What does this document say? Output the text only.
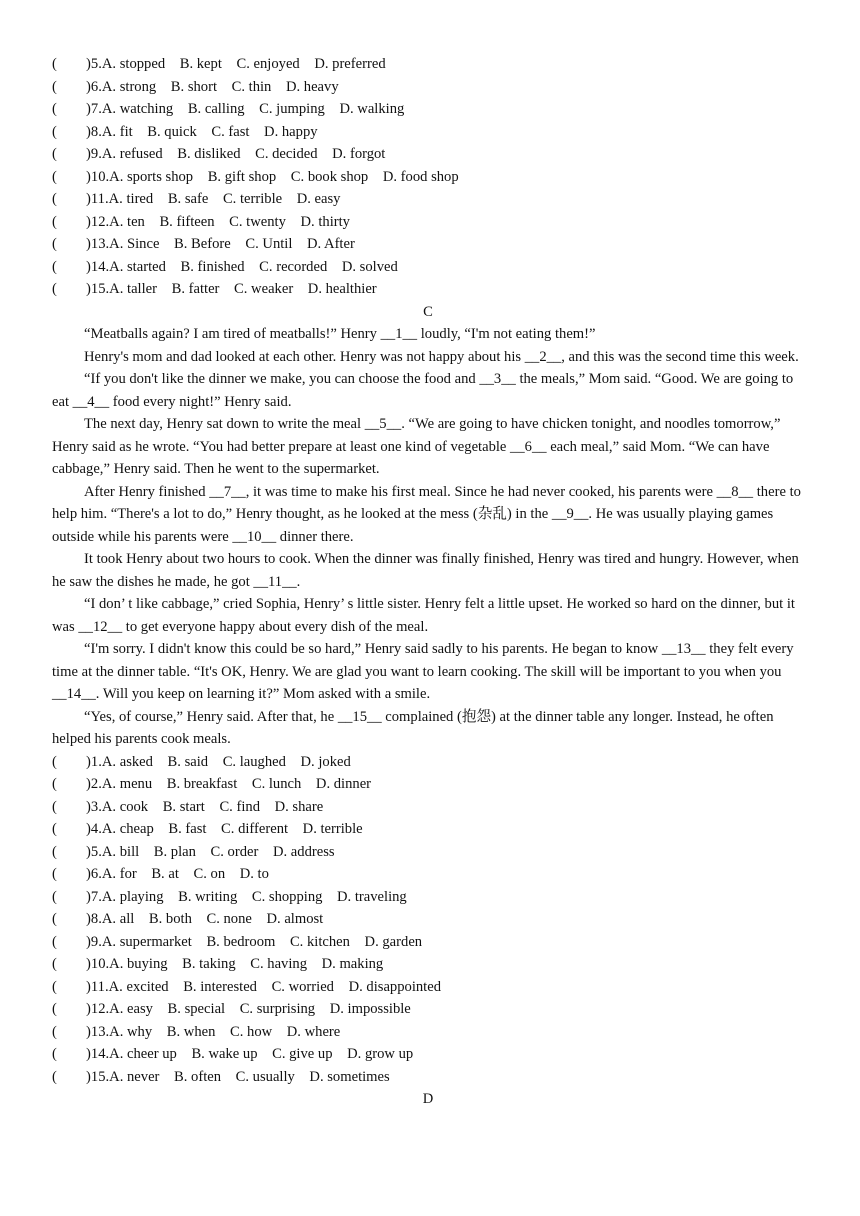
(        )5.A. stopped B. kept C. enjoyed D. preferred
(        )6.A. strong B. short C. thin D. heavy
(        )7.A. watching B. calling C. jumping D. walking
(        )8.A. fit B. quick C. fast D. happy
(        )9.A. refused B. disliked C. decided D. forgot
(        )10.A. sports shop B. gift shop C. book shop D. food shop
(        )11.A. tired B. safe C. terrible D. easy
(        )12.A. ten B. fifteen C. twenty D. thirty
(        )13.A. Since B. Before C. Until D. After
(        )14.A. started B. finished C. recorded D. solved
(        )15.A. taller B. fatter C. weaker D. healthier
C

“Meatballs again? I am tired of meatballs!” Henry __1__ loudly, “I'm not eating them!”

Henry's mom and dad looked at each other. Henry was not happy about his __2__, and this was the second time this week.

“If you don't like the dinner we make, you can choose the food and __3__ the meals,” Mom said. “Good. We are going to eat __4__ food every night!” Henry said.

The next day, Henry sat down to write the meal __5__. “We are going to have chicken tonight, and noodles tomorrow,” Henry said as he wrote. “You had better prepare at least one kind of vegetable __6__ each meal,” said Mom. “We can have cabbage,” Henry said. Then he went to the supermarket.

After Henry finished __7__, it was time to make his first meal. Since he had never cooked, his parents were __8__ there to help him. “There's a lot to do,” Henry thought, as he looked at the mess (杂乱) in the __9__. He was usually playing games outside while his parents were __10__ dinner there.

It took Henry about two hours to cook. When the dinner was finally finished, Henry was tired and hungry. However, when he saw the dishes he made, he got __11__.

“I don’ t like cabbage,” cried Sophia, Henry’ s little sister. Henry felt a little upset. He worked so hard on the dinner, but it was __12__ to get everyone happy about every dish of the meal.

“I'm sorry. I didn't know this could be so hard,” Henry said sadly to his parents. He began to know __13__ they felt every time at the dinner table. “It's OK, Henry. We are glad you want to learn cooking. The skill will be important to you when you __14__. Will you keep on learning it?” Mom asked with a smile.

“Yes, of course,” Henry said. After that, he __15__ complained (抱怨) at the dinner table any longer. Instead, he often helped his parents cook meals.

(        )1.A. asked B. said C. laughed D. joked
(        )2.A. menu B. breakfast C. lunch D. dinner
(        )3.A. cook B. start C. find D. share
(        )4.A. cheap B. fast C. different D. terrible
(        )5.A. bill B. plan C. order D. address
(        )6.A. for B. at C. on D. to
(        )7.A. playing B. writing C. shopping D. traveling
(        )8.A. all B. both C. none D. almost
(        )9.A. supermarket B. bedroom C. kitchen D. garden
(        )10.A. buying B. taking C. having D. making
(        )11.A. excited B. interested C. worried D. disappointed
(        )12.A. easy B. special C. surprising D. impossible
(        )13.A. why B. when C. how D. where
(        )14.A. cheer up B. wake up C. give up D. grow up
(        )15.A. never B. often C. usually D. sometimes
D
